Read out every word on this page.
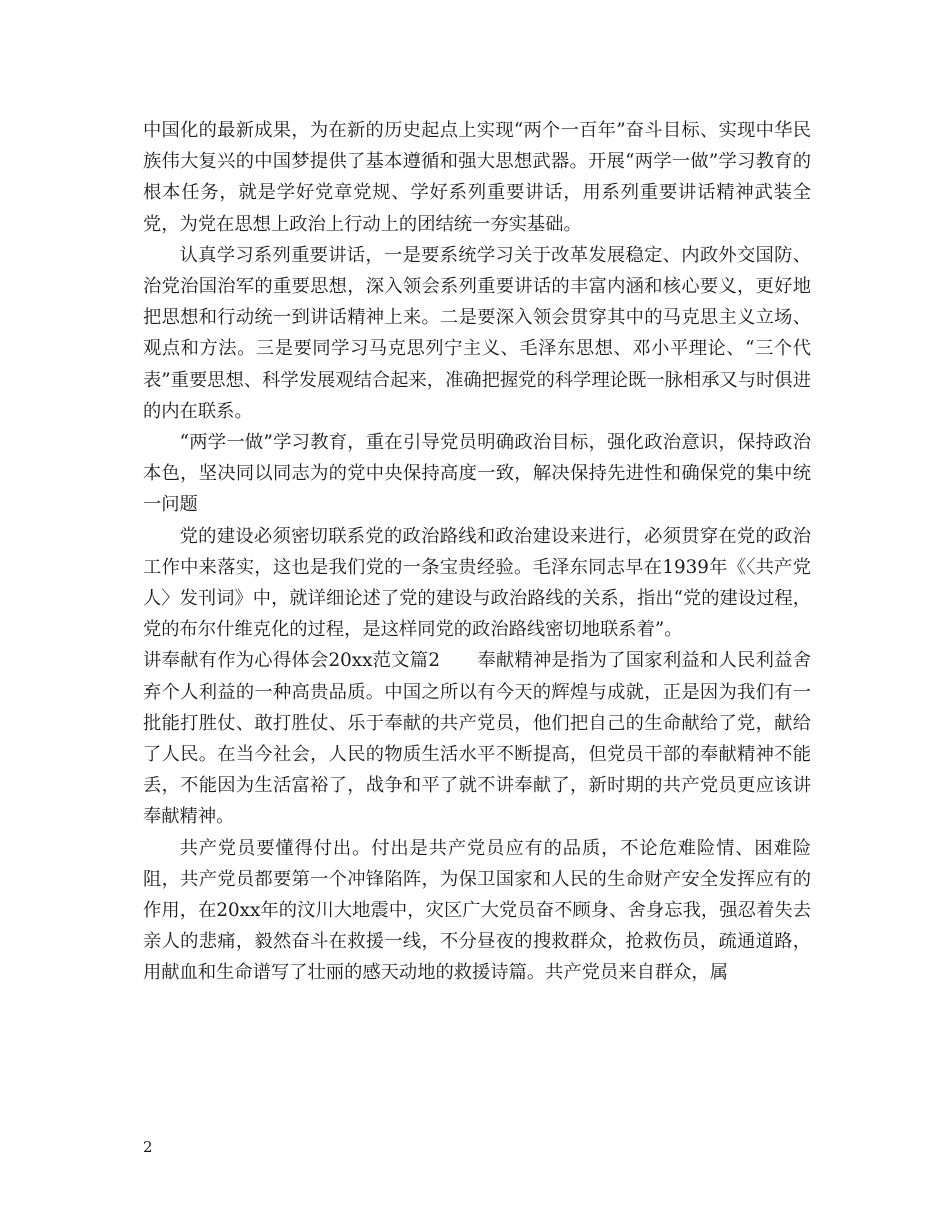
中国化的最新成果，为在新的历史起点上实现“两个一百年”奋斗目标、实现中华民族伟大复兴的中国梦提供了基本遵循和强大思想武器。开展“两学一做”学习教育的根本任务，就是学好党章党规、学好系列重要讲话，用系列重要讲话精神武装全党，为党在思想上政治上行动上的团结统一夯实基础。

认真学习系列重要讲话，一是要系统学习关于改革发展稳定、内政外交国防、治党治国治军的重要思想，深入领会系列重要讲话的丰富内涵和核心要义，更好地把思想和行动统一到讲话精神上来。二是要深入领会贯穿其中的马克思主义立场、观点和方法。三是要同学习马克思列宁主义、毛泽东思想、邓小平理论、“三个代表”重要思想、科学发展观结合起来，准确把握党的科学理论既一脉相承又与时俱进的内在联系。

“两学一做”学习教育，重在引导党员明确政治目标，强化政治意识，保持政治本色，坚决同以同志为的党中央保持高度一致，解决保持先进性和确保党的集中统一问题

党的建设必须密切联系党的政治路线和政治建设来进行，必须贯穿在党的政治工作中来落实，这也是我们党的一条宝贵经验。毛泽东同志早在1939年《〈共产党人〉发刊词》中，就详细论述了党的建设与政治路线的关系，指出“党的建设过程，党的布尔什维克化的过程，是这样同党的政治路线密切地联系着”。

讲奉献有作为心得体会20xx范文篇2　　奉献精神是指为了国家利益和人民利益舍弃个人利益的一种高贵品质。中国之所以有今天的辉煌与成就，正是因为我们有一批能打胜仗、敢打胜仗、乐于奉献的共产党员，他们把自己的生命献给了党，献给了人民。在当今社会，人民的物质生活水平不断提高，但党员干部的奉献精神不能丢，不能因为生活富裕了，战争和平了就不讲奉献了，新时期的共产党员更应该讲奉献精神。

共产党员要懂得付出。付出是共产党员应有的品质，不论危难险情、困难险阻，共产党员都要第一个冲锋陷阵，为保卫国家和人民的生命财产安全发挥应有的作用，在20xx年的汶川大地震中，灾区广大党员奋不顾身、舍身忘我，强忍着失去亲人的悲痛，毅然奋斗在救援一线，不分昼夜的搜救群众，抢救伤员，疏通道路，用献血和生命谱写了壮丽的感天动地的救援诗篇。共产党员来自群众，属

2
